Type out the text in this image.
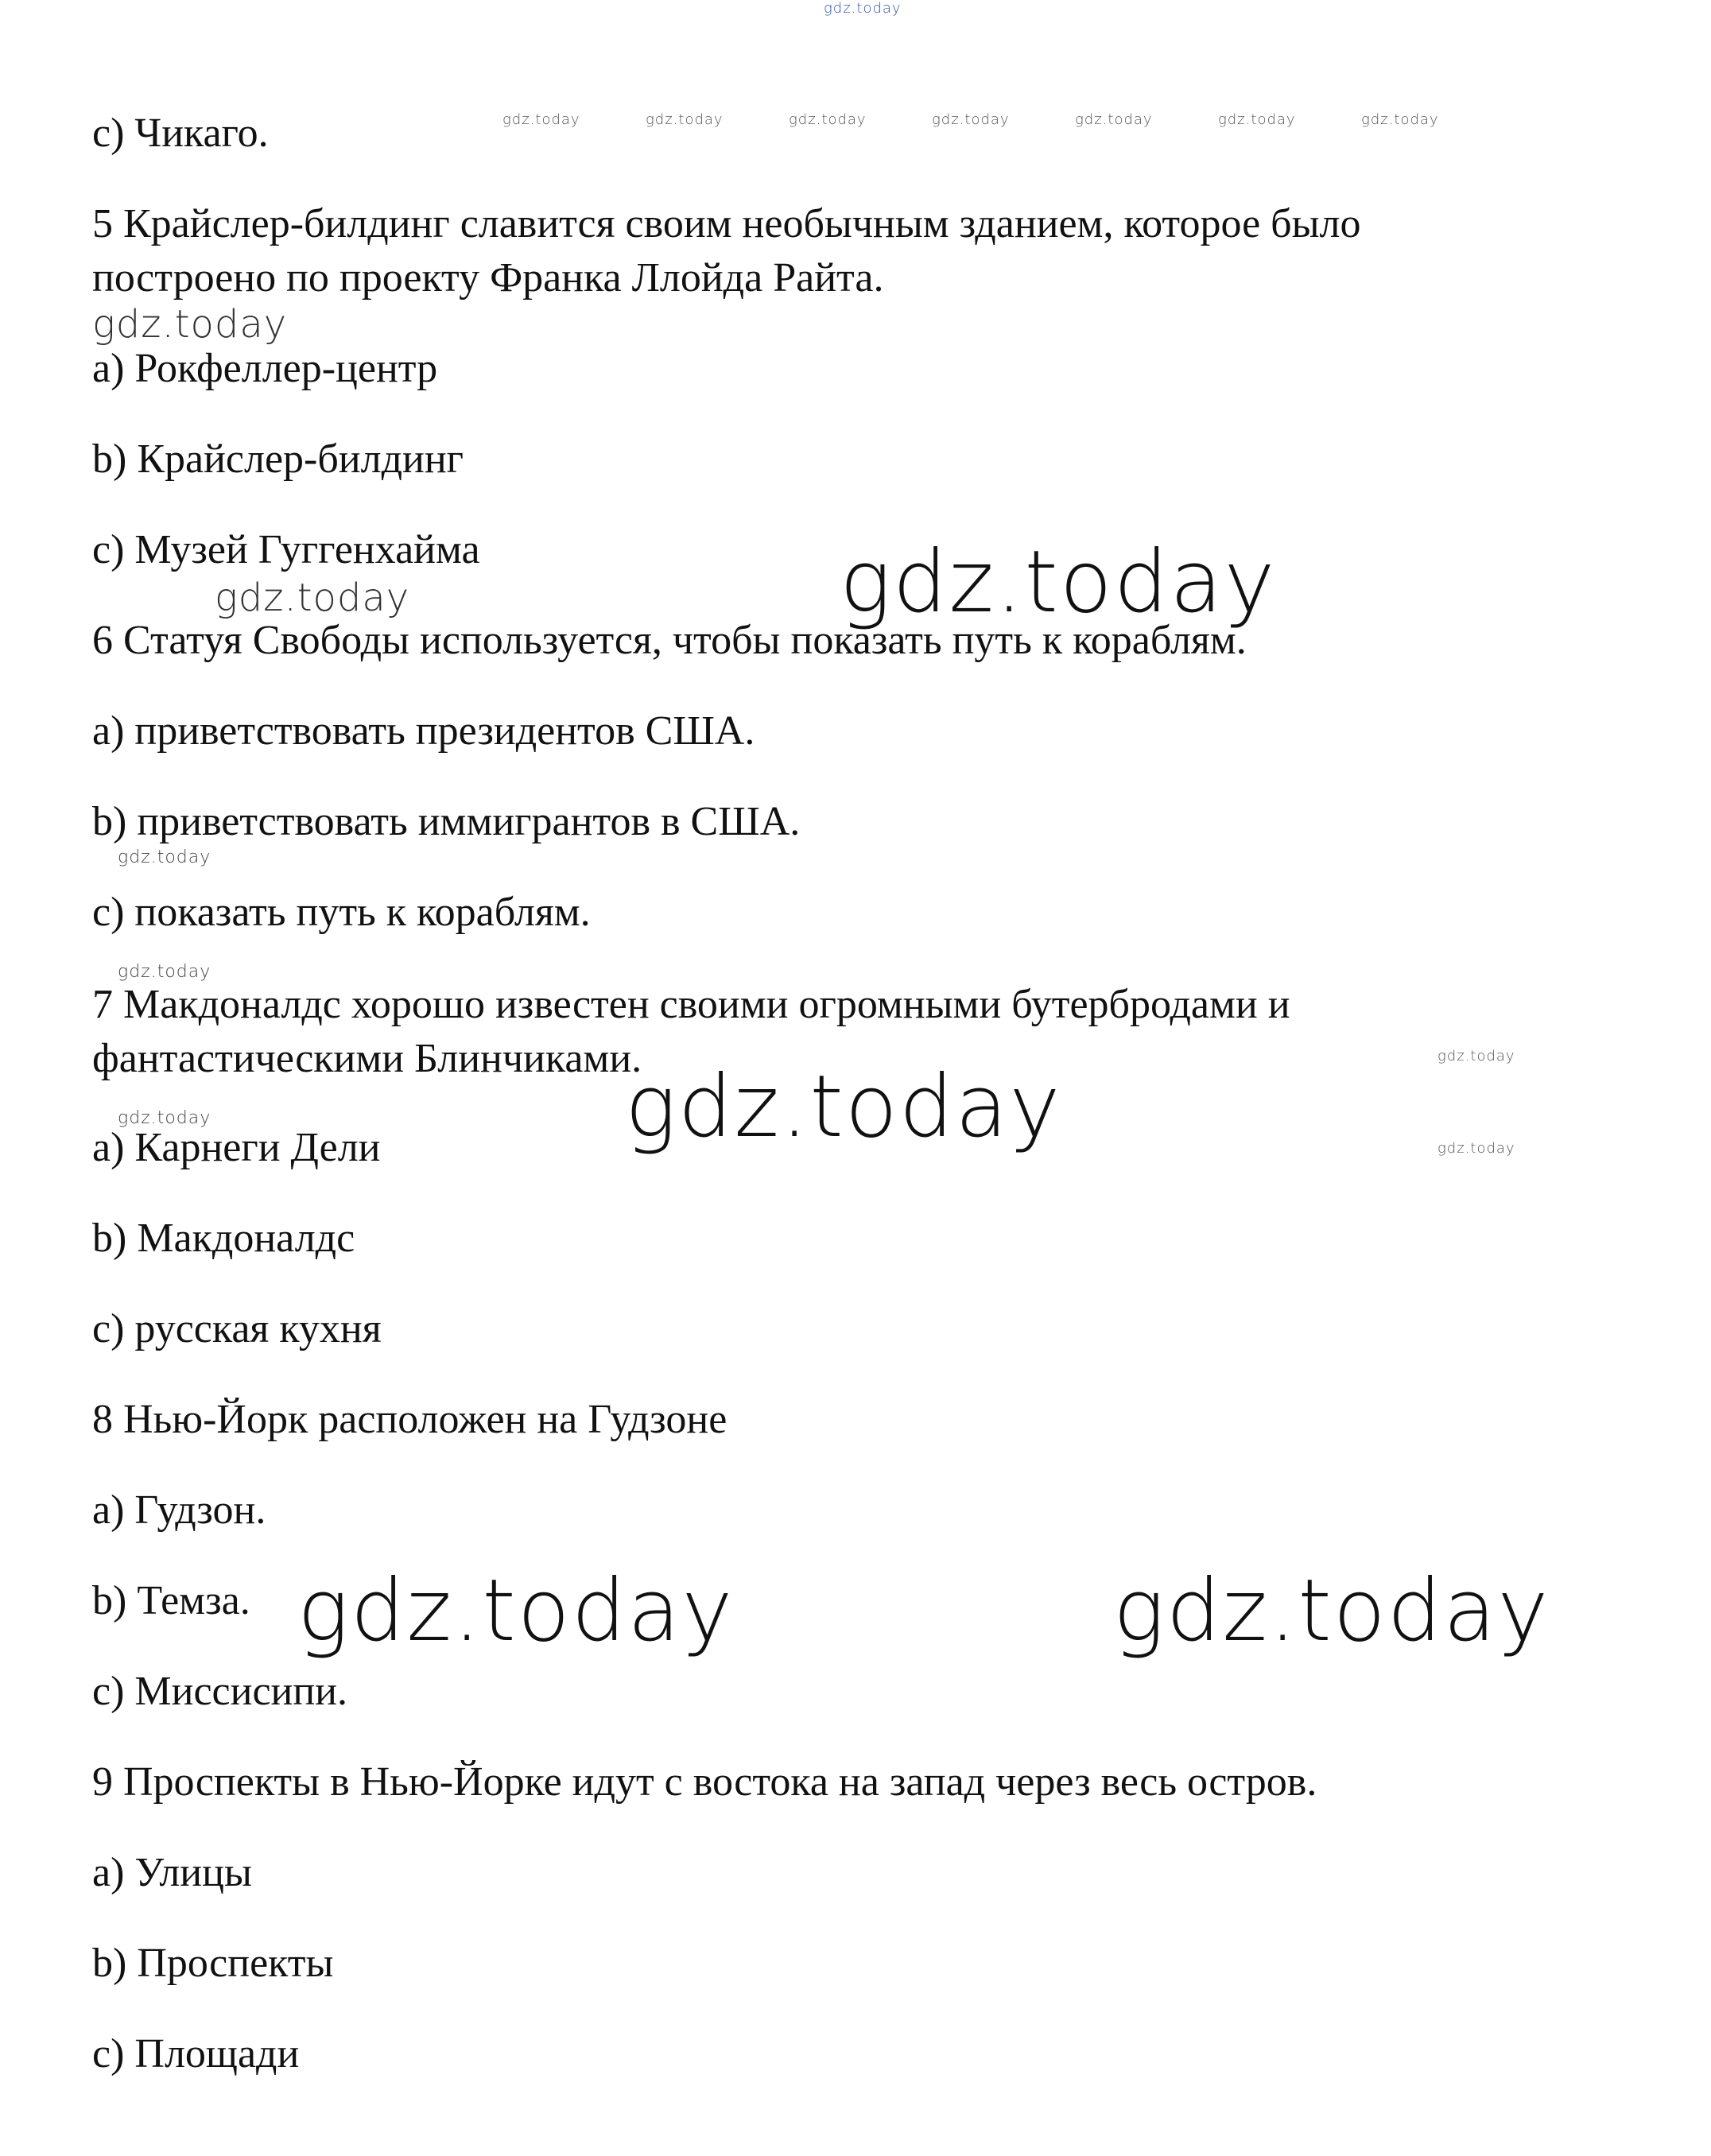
gdz.today
gdz.today	gdz.today	gdz.today	gdz.today	gdz.today	gdz.today	gdz.today
c) Чикаго.
5 Крайслер-билдинг славится своим необычным зданием, которое было
построено по проекту Франка Ллойда Райта.
gdz.today
a) Рокфеллер-центр
b) Крайслер-билдинг
c) Музей Гуггенхайма	gdz.today
gdz.today
6 Статуя Свободы используется, чтобы показать путь к кораблям.
a) приветствовать президентов США.
b) приветствовать иммигрантов в США.
gdz.today
c) показать путь к кораблям.
gdz.today
7 Макдоналдс хорошо известен своими огромными бутербродами и
фантастическими Блинчиками.	gdz.today
gdz.today	gdz.today	gdz.today
a) Карнеги Дели
b) Макдоналдс
c) русская кухня
8 Нью-Йорк расположен на Гудзоне
a) Гудзон.
b) Темза. gdz.today	gdz.today
c) Миссисипи.
9 Проспекты в Нью-Йорке идут с востока на запад через весь остров.
a) Улицы
b) Проспекты
c) Площади
